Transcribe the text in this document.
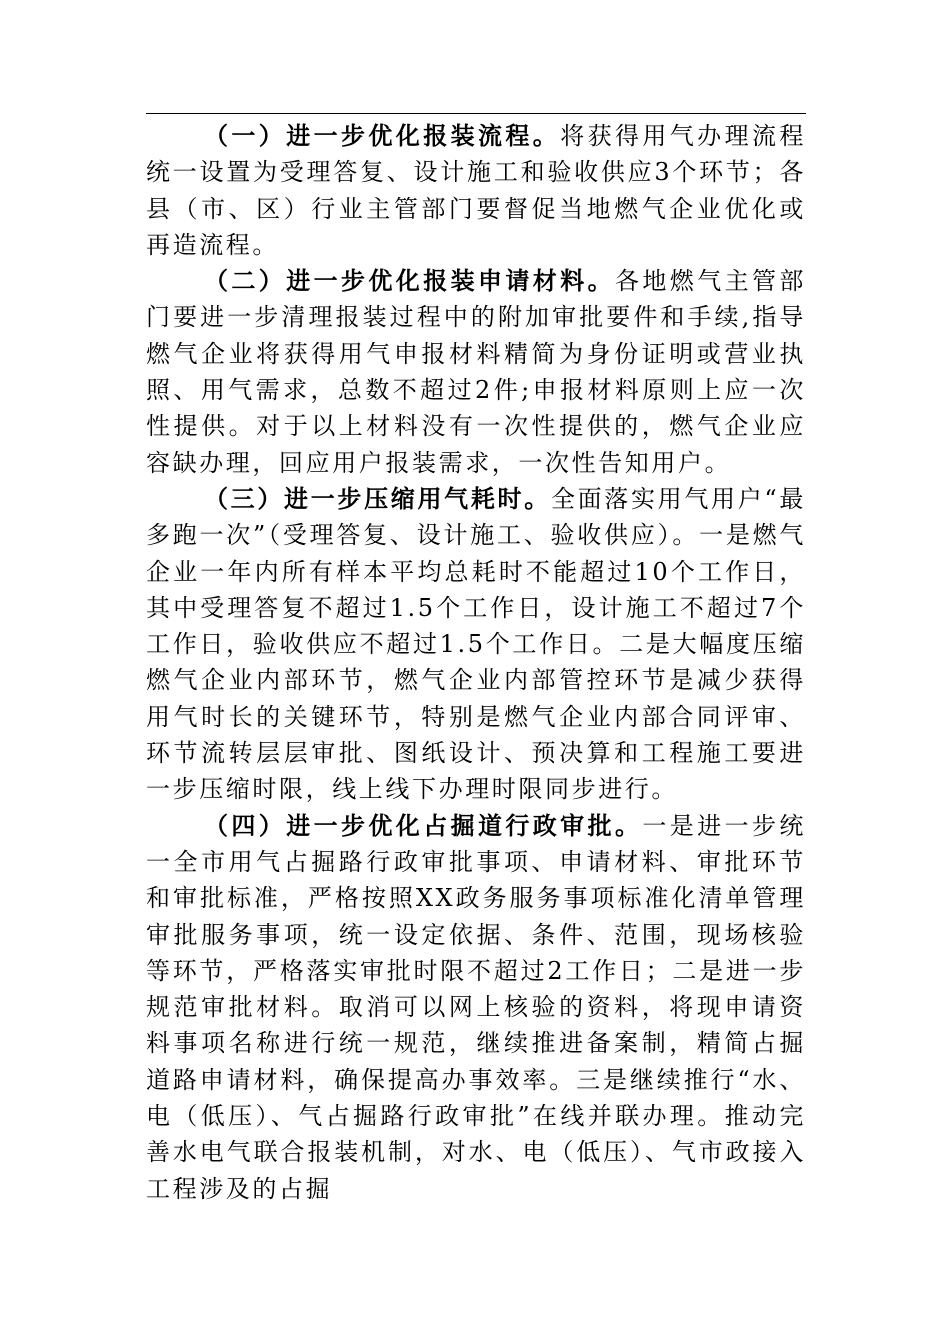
（一）进一步优化报装流程。将获得用气办理流程统一设置为受理答复、设计施工和验收供应3个环节；各县（市、区）行业主管部门要督促当地燃气企业优化或再造流程。

（二）进一步优化报装申请材料。各地燃气主管部门要进一步清理报装过程中的附加审批要件和手续,指导燃气企业将获得用气申报材料精简为身份证明或营业执照、用气需求，总数不超过2件;申报材料原则上应一次性提供。对于以上材料没有一次性提供的，燃气企业应容缺办理，回应用户报装需求，一次性告知用户。

（三）进一步压缩用气耗时。全面落实用气用户“最多跑一次”（受理答复、设计施工、验收供应）。一是燃气企业一年内所有样本平均总耗时不能超过10个工作日，其中受理答复不超过1.5个工作日，设计施工不超过7个工作日，验收供应不超过1.5个工作日。二是大幅度压缩燃气企业内部环节，燃气企业内部管控环节是减少获得用气时长的关键环节，特别是燃气企业内部合同评审、环节流转层层审批、图纸设计、预决算和工程施工要进一步压缩时限，线上线下办理时限同步进行。

（四）进一步优化占掘道行政审批。一是进一步统一全市用气占掘路行政审批事项、申请材料、审批环节和审批标准，严格按照XX政务服务事项标准化清单管理审批服务事项，统一设定依据、条件、范围，现场核验等环节，严格落实审批时限不超过2工作日；二是进一步规范审批材料。取消可以网上核验的资料，将现申请资料事项名称进行统一规范，继续推进备案制，精简占掘道路申请材料，确保提高办事效率。三是继续推行“水、电（低压）、气占掘路行政审批”在线并联办理。推动完善水电气联合报装机制，对水、电（低压）、气市政接入工程涉及的占掘
